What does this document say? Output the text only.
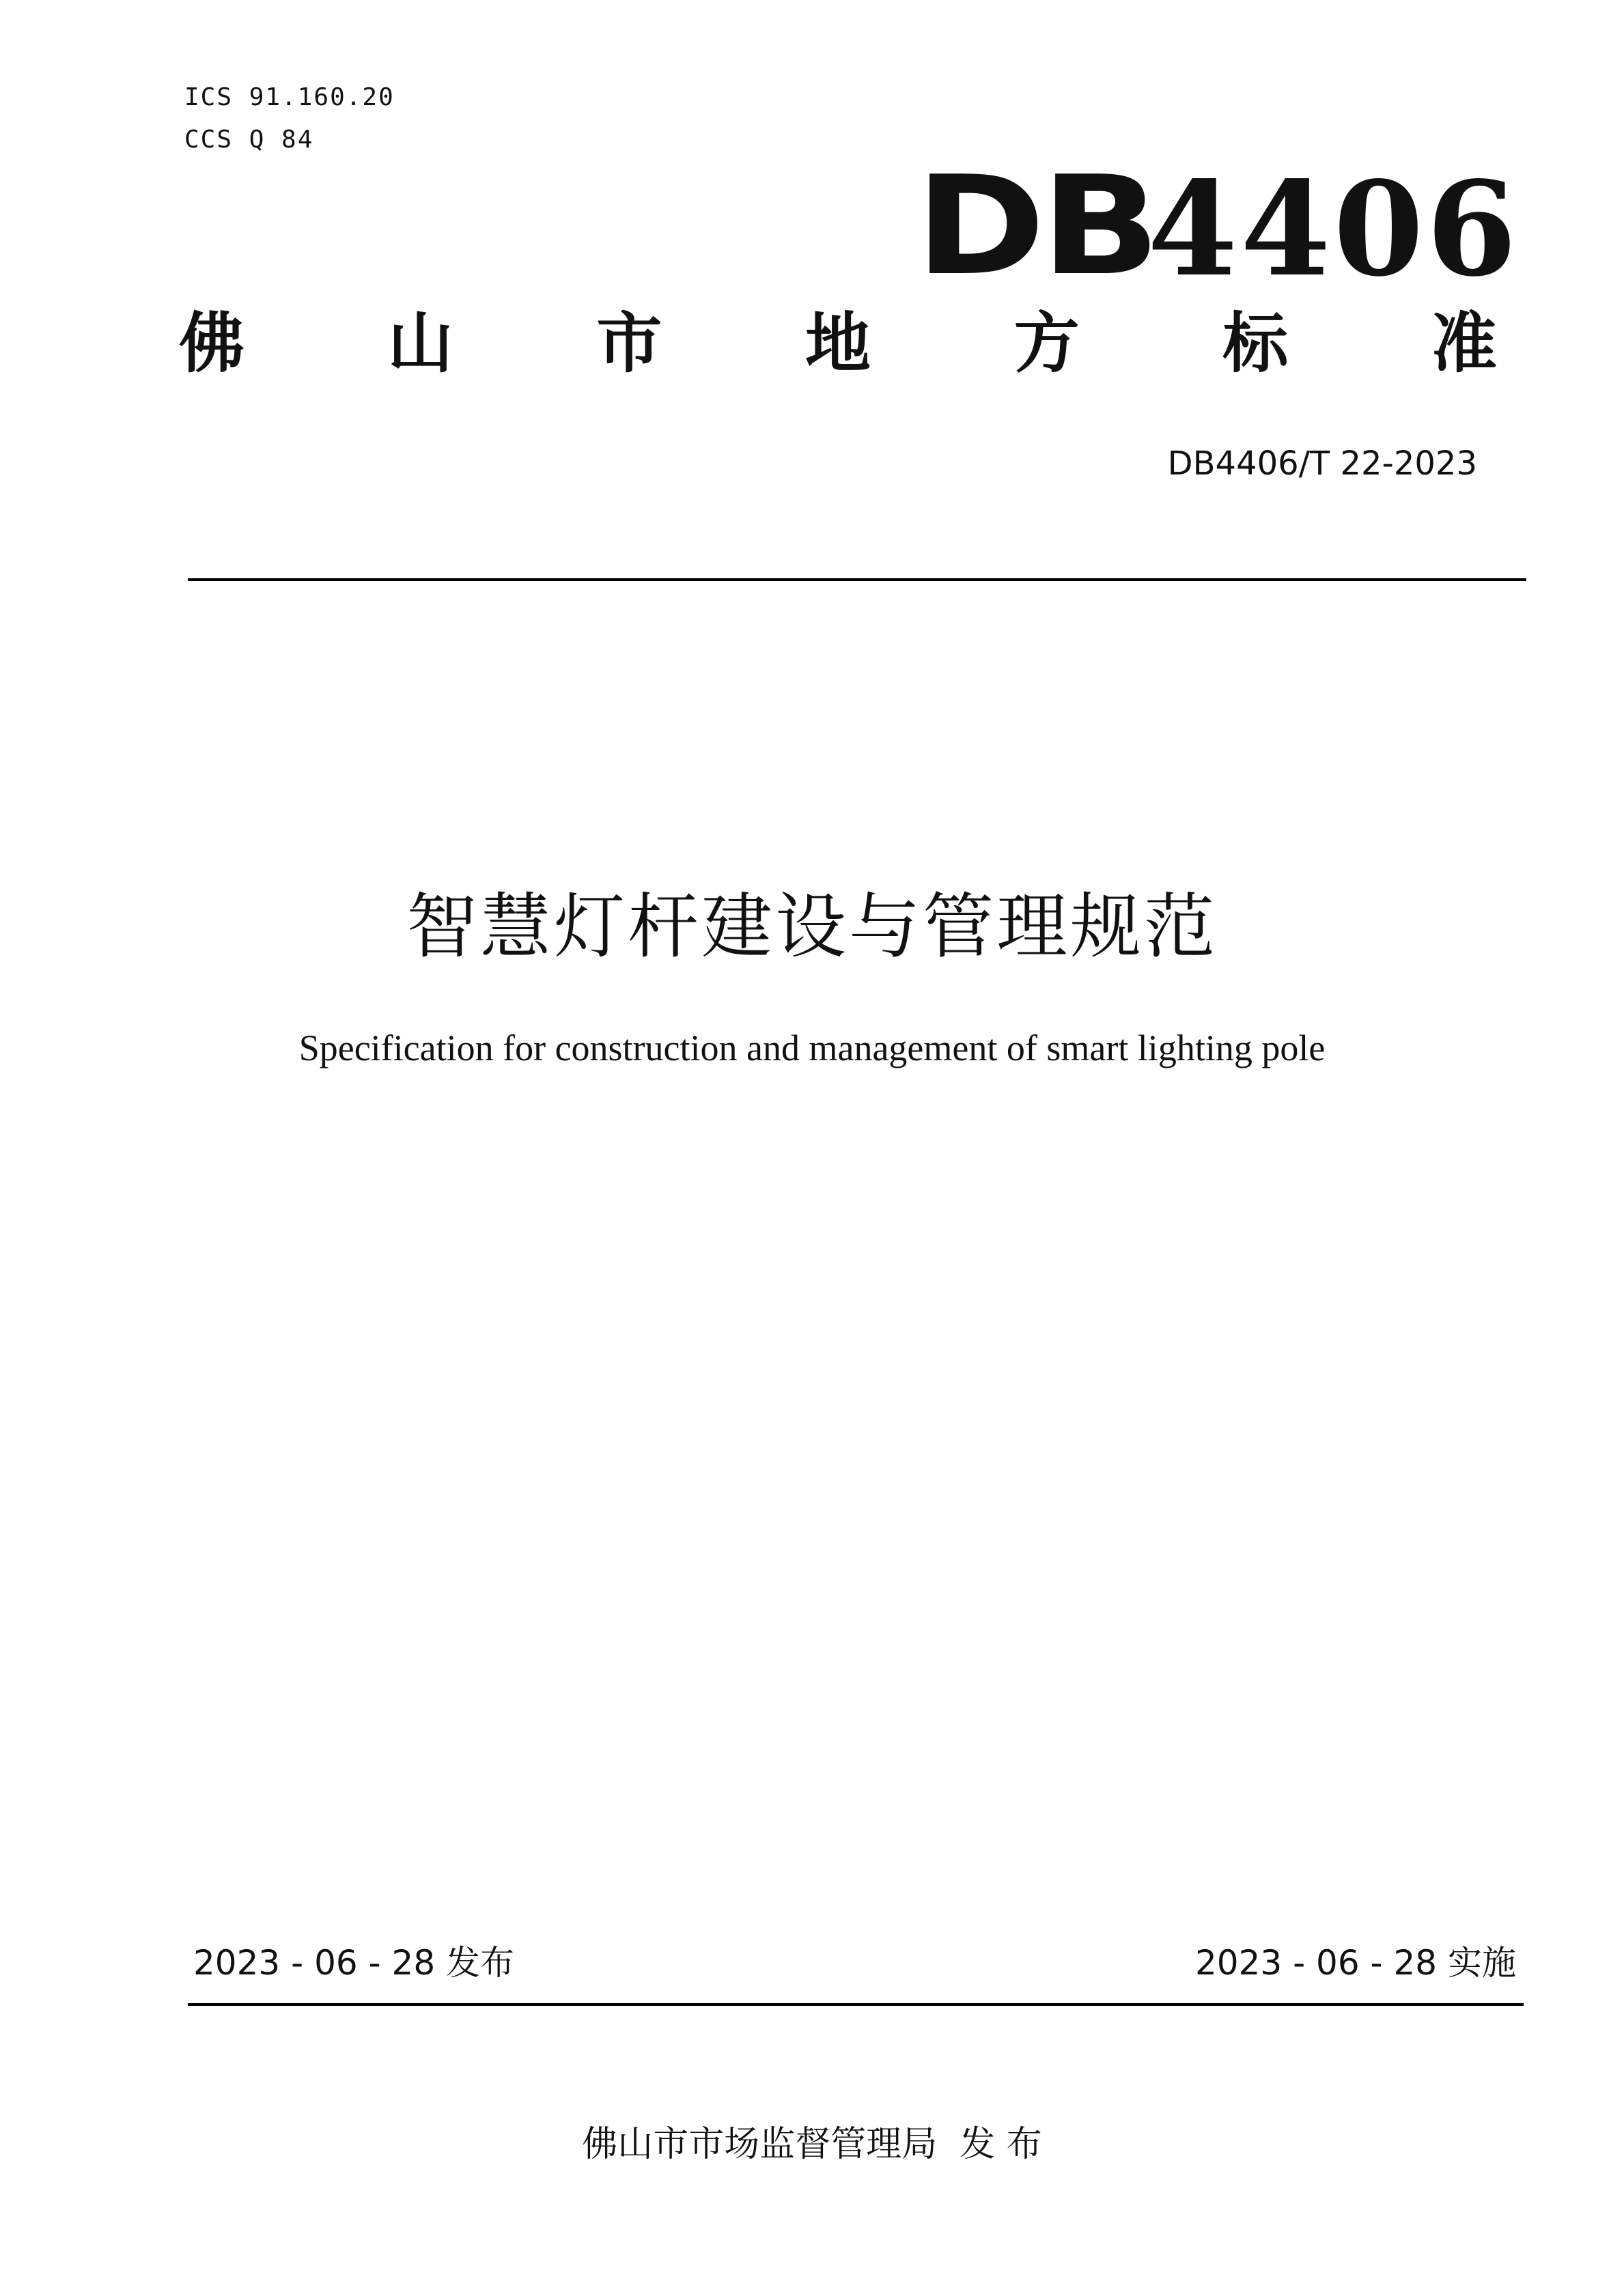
ICS 91.160.20
CCS Q 84
DB
4406
佛 山 市 地 方 标 准
DB4406/T 22-2023
智慧灯杆建设与管理规范
Specification for construction and management of smart lighting pole
2023 - 06 - 28 发布	2023 - 06 - 28 实施
佛山市市场监督管理局  发 布
